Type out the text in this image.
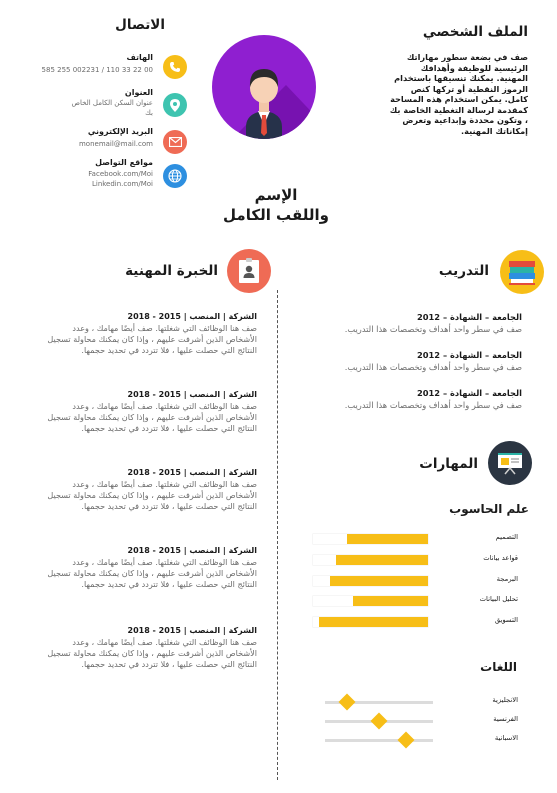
الملف الشخصي
صف في بضعة سطور مهاراتك الرئيسية للوظيفة وأهدافك المهنية. يمكنك تنسيقها باستخدام الرموز النقطية أو تركها كنص كامل. يمكن استخدام هذه المساحة كمقدمة لرسالة التغطية الخاصة بك ، وتكون محددة وإبداعية وتعرض إمكاناتك المهنية.
الاتصال
الهاتف
585 255 002231 / 110 33 22 00
العنوان
عنوان السكن الكامل الخاص بك
البريد الإلكتروني
monemail@mail.com
مواقع التواصل
Facebook.com/Moi
Linkedin.com/Moi
الإسم
واللقب الكامل
الخبرة المهنية
الشركة | المنصب | 2015 - 2018
صف هنا الوظائف التي شغلتها. صف أيضًا مهامك ، وعدد الأشخاص الذين أشرفت عليهم ، وإذا كان يمكنك محاولة تسجيل النتائج التي حصلت عليها ، فلا تتردد في تحديد حجمها.
الشركة | المنصب | 2015 - 2018
صف هنا الوظائف التي شغلتها. صف أيضًا مهامك ، وعدد الأشخاص الذين أشرفت عليهم ، وإذا كان يمكنك محاولة تسجيل النتائج التي حصلت عليها ، فلا تتردد في تحديد حجمها.
الشركة | المنصب | 2015 - 2018
صف هنا الوظائف التي شغلتها. صف أيضًا مهامك ، وعدد الأشخاص الذين أشرفت عليهم ، وإذا كان يمكنك محاولة تسجيل النتائج التي حصلت عليها ، فلا تتردد في تحديد حجمها.
الشركة | المنصب | 2015 - 2018
صف هنا الوظائف التي شغلتها. صف أيضًا مهامك ، وعدد الأشخاص الذين أشرفت عليهم ، وإذا كان يمكنك محاولة تسجيل النتائج التي حصلت عليها ، فلا تتردد في تحديد حجمها.
الشركة | المنصب | 2015 - 2018
صف هنا الوظائف التي شغلتها. صف أيضًا مهامك ، وعدد الأشخاص الذين أشرفت عليهم ، وإذا كان يمكنك محاولة تسجيل النتائج التي حصلت عليها ، فلا تتردد في تحديد حجمها.
التدريب
الجامعة – الشهادة – 2012
صف في سطر واحد أهداف وتخصصات هذا التدريب.
الجامعة – الشهادة – 2012
صف في سطر واحد أهداف وتخصصات هذا التدريب.
الجامعة – الشهادة – 2012
صف في سطر واحد أهداف وتخصصات هذا التدريب.
المهارات
علم الحاسوب
التصميم
قواعد بيانات
البرمجة
تحليل البيانات
التسويق
اللغات
الانجليزية
الفرنسية
الاسبانية
